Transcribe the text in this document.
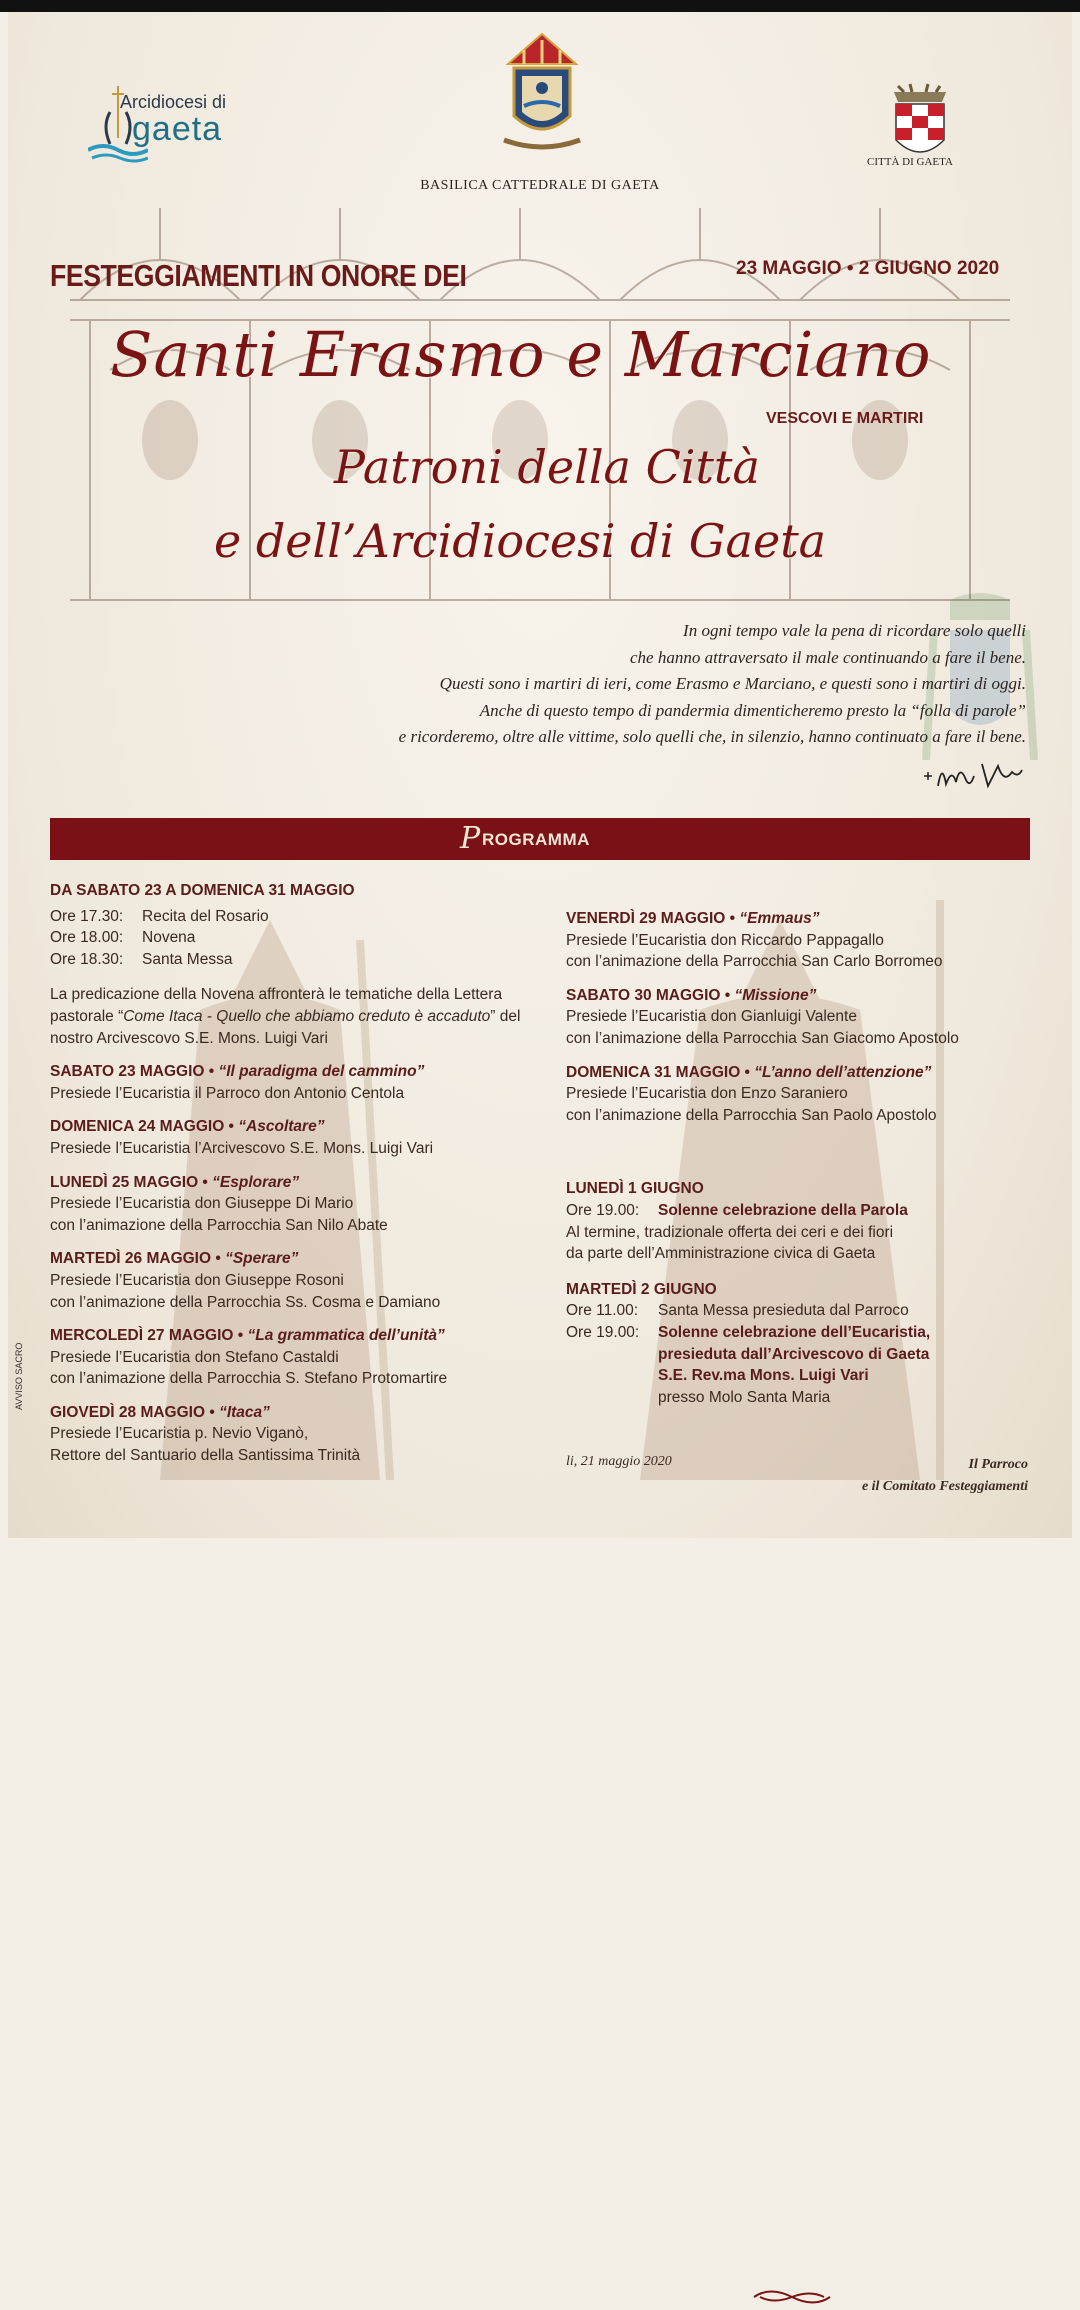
Arcidiocesi di
gaeta
BASILICA CATTEDRALE DI GAETA
CITTÀ DI GAETA
FESTEGGIAMENTI IN ONORE DEI	23 MAGGIO • 2 GIUGNO 2020
Santi Erasmo e Marciano
VESCOVI E MARTIRI
Patroni della Città
e dell’Arcidiocesi di Gaeta
In ogni tempo vale la pena di ricordare solo quelli
che hanno attraversato il male continuando a fare il bene.
Questi sono i martiri di ieri, come Erasmo e Marciano, e questi sono i martiri di oggi.
Anche di questo tempo di pandermia dimenticheremo presto la “folla di parole”
e ricorderemo, oltre alle vittime, solo quelli che, in silenzio, hanno continuato a fare il bene.
P ROGRAMMA
DA SABATO 23 A DOMENICA 31 MAGGIO
Ore 17.30:	Recita del Rosario
Ore 18.00:	Novena
Ore 18.30:	Santa Messa
La predicazione della Novena affronterà le tematiche della Lettera pastorale “Come Itaca - Quello che abbiamo creduto è accaduto” del nostro Arcivescovo S.E. Mons. Luigi Vari
SABATO 23 MAGGIO • “Il paradigma del cammino”
Presiede l’Eucaristia il Parroco don Antonio Centola
DOMENICA 24 MAGGIO • “Ascoltare”
Presiede l’Eucaristia l’Arcivescovo S.E. Mons. Luigi Vari
LUNEDÌ 25 MAGGIO • “Esplorare”
Presiede l’Eucaristia don Giuseppe Di Mario
con l’animazione della Parrocchia San Nilo Abate
MARTEDÌ 26 MAGGIO • “Sperare”
Presiede l’Eucaristia don Giuseppe Rosoni
con l’animazione della Parrocchia Ss. Cosma e Damiano
MERCOLEDÌ 27 MAGGIO • “La grammatica dell’unità”
Presiede l’Eucaristia don Stefano Castaldi
con l’animazione della Parrocchia S. Stefano Protomartire
GIOVEDÌ 28 MAGGIO • “Itaca”
Presiede l’Eucaristia p. Nevio Viganò,
Rettore del Santuario della Santissima Trinità
VENERDÌ 29 MAGGIO • “Emmaus”
Presiede l’Eucaristia don Riccardo Pappagallo
con l’animazione della Parrocchia San Carlo Borromeo
SABATO 30 MAGGIO • “Missione”
Presiede l’Eucaristia don Gianluigi Valente
con l’animazione della Parrocchia San Giacomo Apostolo
DOMENICA 31 MAGGIO • “L’anno dell’attenzione”
Presiede l’Eucaristia don Enzo Saraniero
con l’animazione della Parrocchia San Paolo Apostolo
LUNEDÌ 1 GIUGNO
Ore 19.00:	Solenne celebrazione della Parola
Al termine, tradizionale offerta dei ceri e dei fiori
da parte dell’Amministrazione civica di Gaeta
MARTEDÌ 2 GIUGNO
Ore 11.00:	Santa Messa presieduta dal Parroco
Ore 19.00:	Solenne celebrazione dell’Eucaristia,
presieduta dall’Arcivescovo di Gaeta
S.E. Rev.ma Mons. Luigi Vari
presso Molo Santa Maria
li, 21 maggio 2020	Il Parroco
e il Comitato Festeggiamenti
AVVISO SACRO
